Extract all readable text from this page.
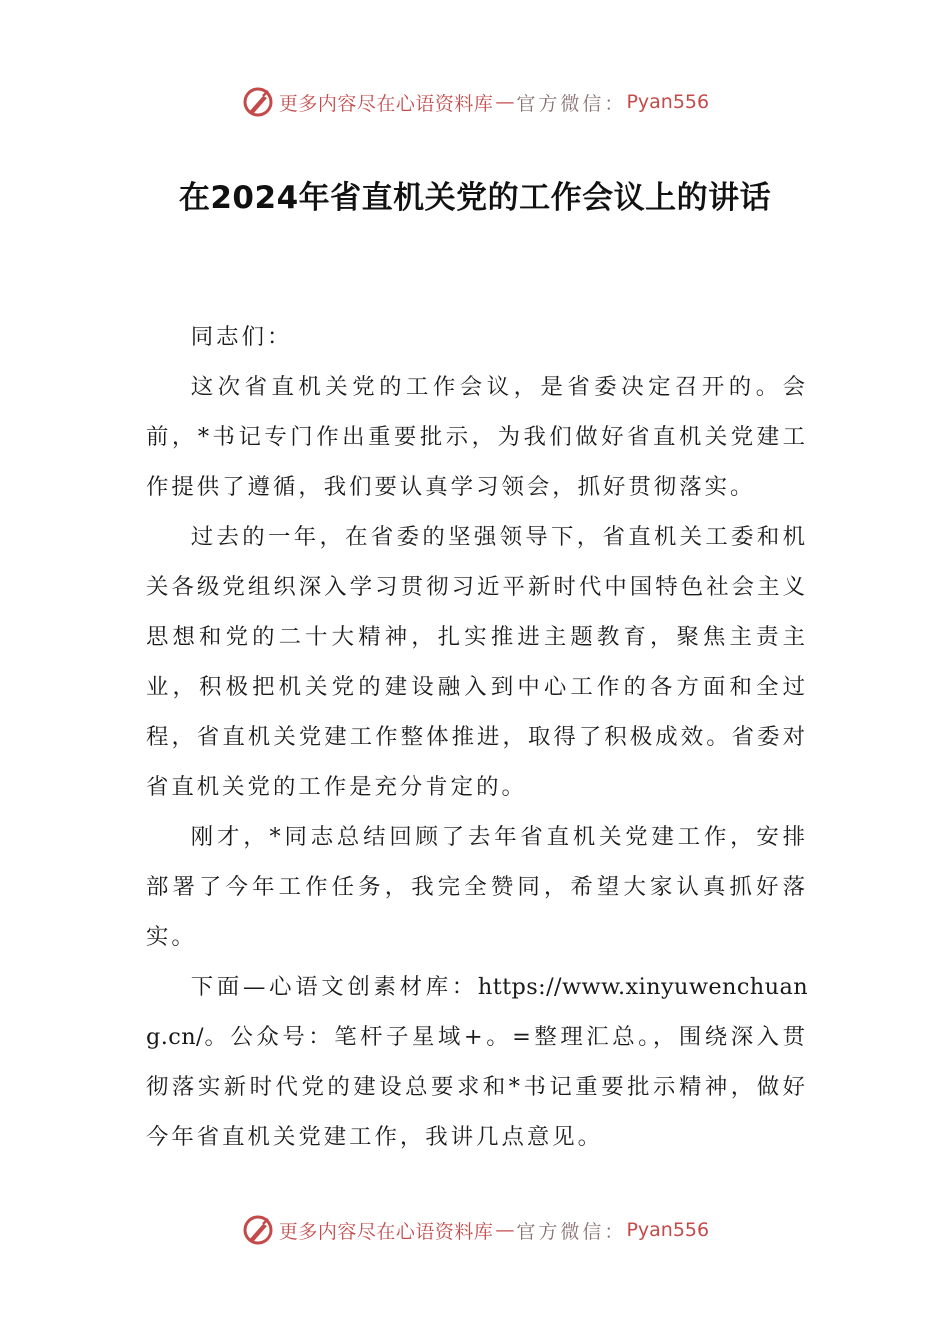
更多内容尽在心语资料库 — 官方微信： Pyan556
在2024年省直机关党的工作会议上的讲话

同志们：

这次省直机关党的工作会议，是省委决定召开的。会前，*书记专门作出重要批示，为我们做好省直机关党建工作提供了遵循，我们要认真学习领会，抓好贯彻落实。

过去的一年，在省委的坚强领导下，省直机关工委和机关各级党组织深入学习贯彻习近平新时代中国特色社会主义思想和党的二十大精神，扎实推进主题教育，聚焦主责主业，积极把机关党的建设融入到中心工作的各方面和全过程，省直机关党建工作整体推进，取得了积极成效。省委对省直机关党的工作是充分肯定的。

刚才，*同志总结回顾了去年省直机关党建工作，安排部署了今年工作任务，我完全赞同，希望大家认真抓好落实。

下面—心语文创素材库：https://www.xinyuwenchuang.cn/。公众号：笔杆子星域+。=整理汇总。，围绕深入贯彻落实新时代党的建设总要求和*书记重要批示精神，做好今年省直机关党建工作，我讲几点意见。

更多内容尽在心语资料库 — 官方微信： Pyan556
